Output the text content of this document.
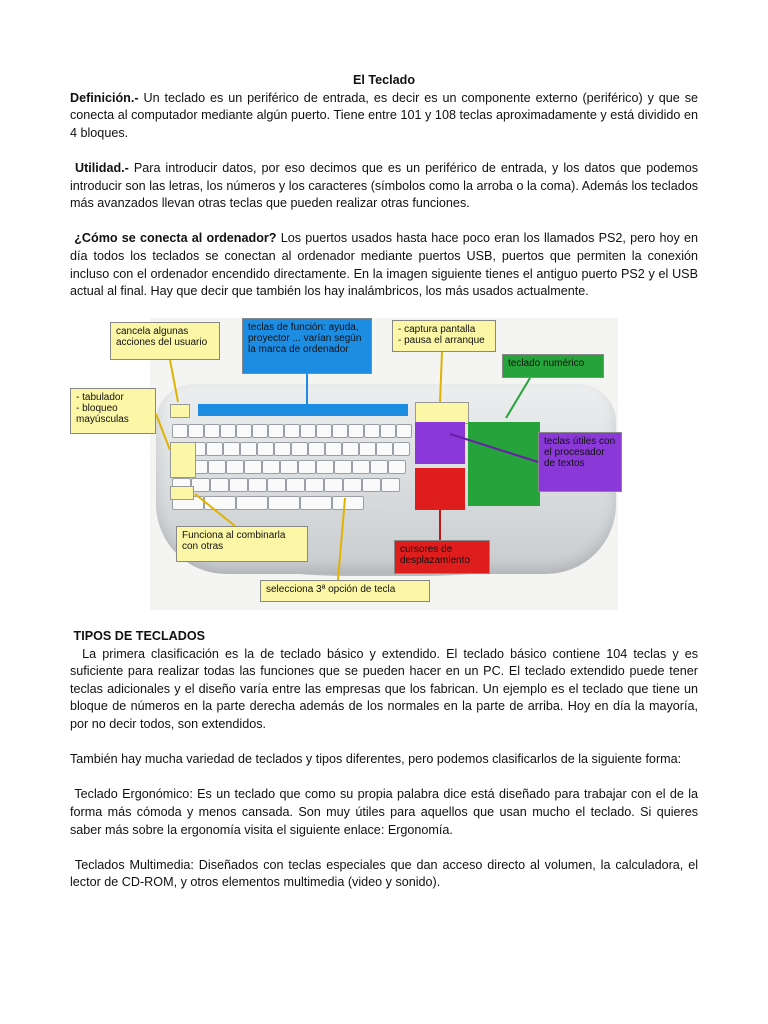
El Teclado

Definición.- Un teclado es un periférico de entrada, es decir es un componente externo (periférico) y que se conecta al computador mediante algún puerto. Tiene entre 101 y 108 teclas aproximadamente y está dividido en 4 bloques.

Utilidad.- Para introducir datos, por eso decimos que es un periférico de entrada, y los datos que podemos introducir son las letras, los números y los caracteres (símbolos como la arroba o la coma). Además los teclados más avanzados llevan otras teclas que pueden realizar otras funciones.

¿Cómo se conecta al ordenador? Los puertos usados hasta hace poco eran los llamados PS2, pero hoy en día todos los teclados se conectan al ordenador mediante puertos USB, puertos que permiten la conexión incluso con el ordenador encendido directamente. En la imagen siguiente tienes el antiguo puerto PS2 y el USB actual al final. Hay que decir que también los hay inalámbricos, los más usados actualmente.

cancela algunas acciones del usuario
teclas de función: ayuda, proyector ... varían según la marca de ordenador
- captura pantalla
- pausa el arranque
teclado numérico
- tabulador
- bloqueo mayúsculas
teclas útiles con el procesador de textos
Funciona al combinarla con otras	cursores de desplazamiento
selecciona 3ª opción de tecla

TIPOS DE TECLADOS

La primera clasificación es la de teclado básico y extendido. El teclado básico contiene 104 teclas y es suficiente para realizar todas las funciones que se pueden hacer en un PC. El teclado extendido puede tener teclas adicionales y el diseño varía entre las empresas que los fabrican. Un ejemplo es el teclado que tiene un bloque de números en la parte derecha además de los normales en la parte de arriba. Hoy en día la mayoría, por no decir todos, son extendidos.

También hay mucha variedad de teclados y tipos diferentes, pero podemos clasificarlos de la siguiente forma:

Teclado Ergonómico: Es un teclado que como su propia palabra dice está diseñado para trabajar con el de la forma más cómoda y menos cansada. Son muy útiles para aquellos que usan mucho el teclado. Si quieres saber más sobre la ergonomía visita el siguiente enlace: Ergonomía.

Teclados Multimedia: Diseñados con teclas especiales que dan acceso directo al volumen, la calculadora, el lector de CD-ROM, y otros elementos multimedia (video y sonido).
